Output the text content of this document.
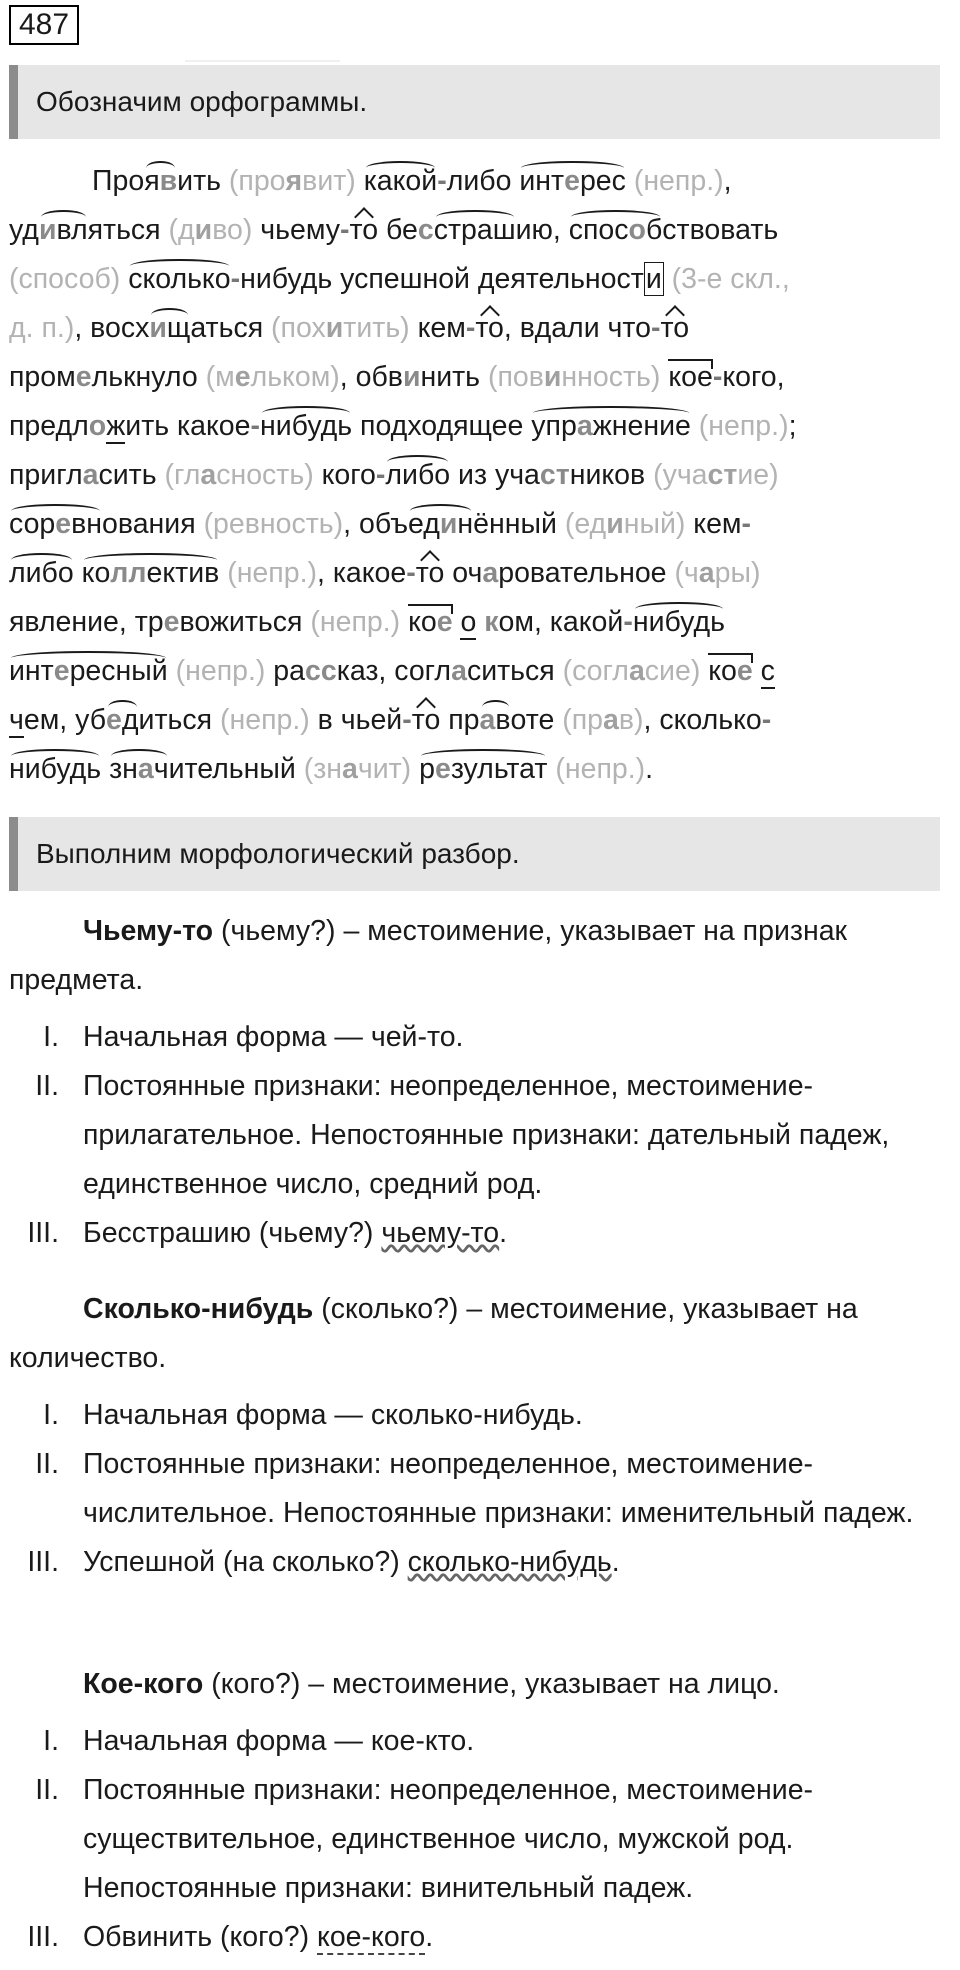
487
Обозначим орфограммы.
Проявить (проявит) какой-либо интерес (непр.),
удивляться (диво) чьему-то бесстрашию, способствовать
(способ) сколько-нибудь успешной деятельности (3-е скл.,
д. п.), восхищаться (похитить) кем-то, вдали что-то
промелькнуло (мельком), обвинить (повинность) кое-кого,
предложить какое-нибудь подходящее упражнение (непр.);
пригласить (гласность) кого-либо из участников (участие)
соревнования (ревность), объединённый (единый) кем-
либо коллектив (непр.), какое-то очаровательное (чары)
явление, тревожиться (непр.) кое о ком, какой-нибудь
интересный (непр.) рассказ, согласиться (согласие) кое с
чем, убедиться (непр.) в чьей-то правоте (прав), сколько-
нибудь значительный (значит) результат (непр.).
Выполним морфологический разбор.
Чьему-то (чьему?) – местоимение, указывает на признак предмета.
I. Начальная форма — чей-то.
II. Постоянные признаки: неопределенное, местоимение-прилагательное. Непостоянные признаки: дательный падеж, единственное число, средний род.
III. Бесстрашию (чьему?) чьему-то.
Сколько-нибудь (сколько?) – местоимение, указывает на количество.
I. Начальная форма — сколько-нибудь.
II. Постоянные признаки: неопределенное, местоимение-числительное. Непостоянные признаки: именительный падеж.
III. Успешной (на сколько?) сколько-нибудь.
Кое-кого (кого?) – местоимение, указывает на лицо.
I. Начальная форма — кое-кто.
II. Постоянные признаки: неопределенное, местоимение-существительное, единственное число, мужской род. Непостоянные признаки: винительный падеж.
III. Обвинить (кого?) кое-кого.
